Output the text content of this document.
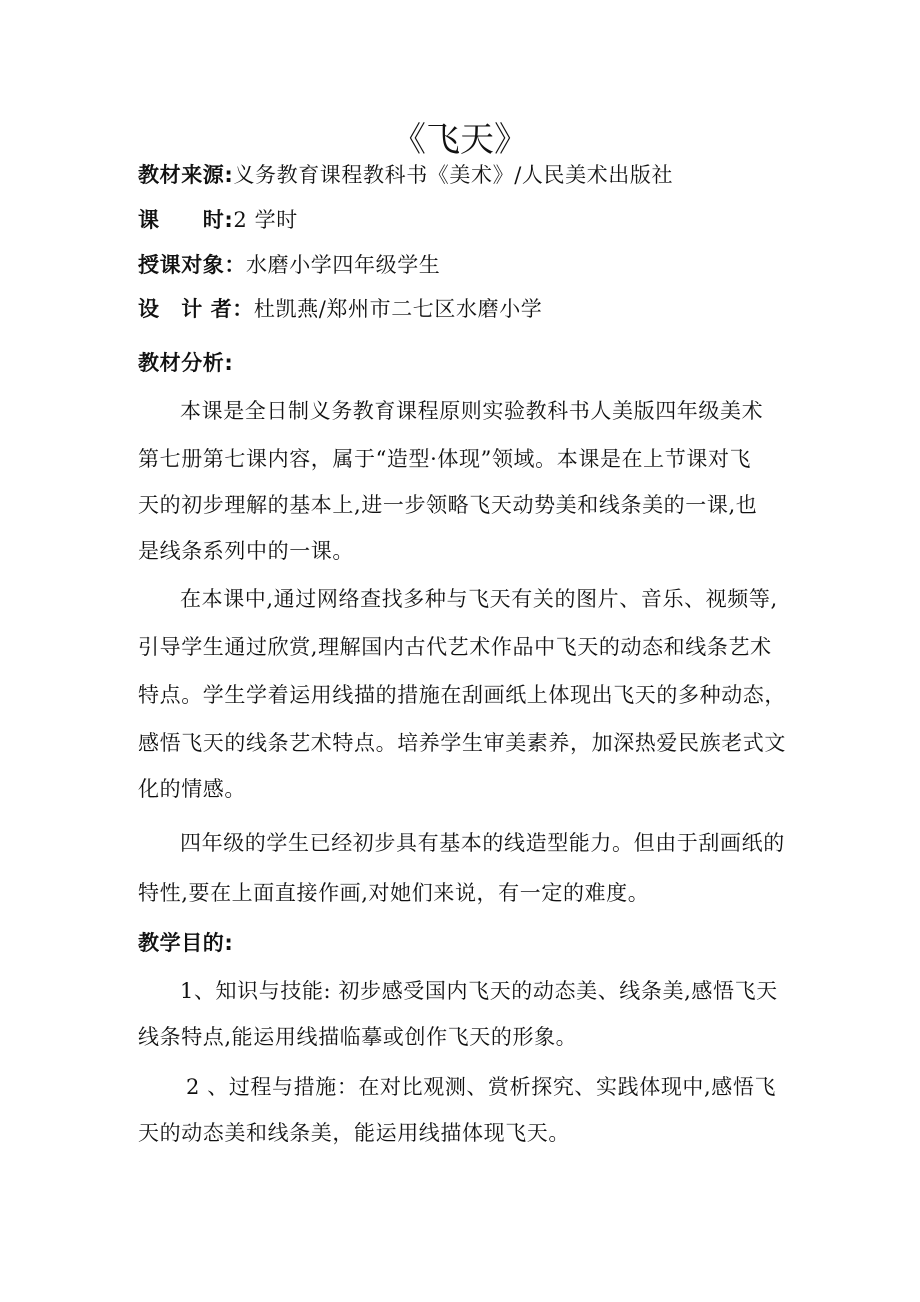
《飞天》
教材来源:义务教育课程教科书《美术》/人民美术出版社
课　　时:2 学时
授课对象：水磨小学四年级学生
设　计 者：杜凯燕/郑州市二七区水磨小学
教材分析:
本课是全日制义务教育课程原则实验教科书人美版四年级美术
第七册第七课内容，属于“造型·体现”领域。本课是在上节课对飞
天的初步理解的基本上,进一步领略飞天动势美和线条美的一课,也
是线条系列中的一课。
在本课中,通过网络查找多种与飞天有关的图片、音乐、视频等,
引导学生通过欣赏,理解国内古代艺术作品中飞天的动态和线条艺术
特点。学生学着运用线描的措施在刮画纸上体现出飞天的多种动态，
感悟飞天的线条艺术特点。培养学生审美素养，加深热爱民族老式文
化的情感。
四年级的学生已经初步具有基本的线造型能力。但由于刮画纸的
特性,要在上面直接作画,对她们来说，有一定的难度。
教学目的:
1、知识与技能: 初步感受国内飞天的动态美、线条美,感悟飞天
线条特点,能运用线描临摹或创作飞天的形象。
2 、过程与措施：在对比观测、赏析探究、实践体现中,感悟飞
天的动态美和线条美，能运用线描体现飞天。
